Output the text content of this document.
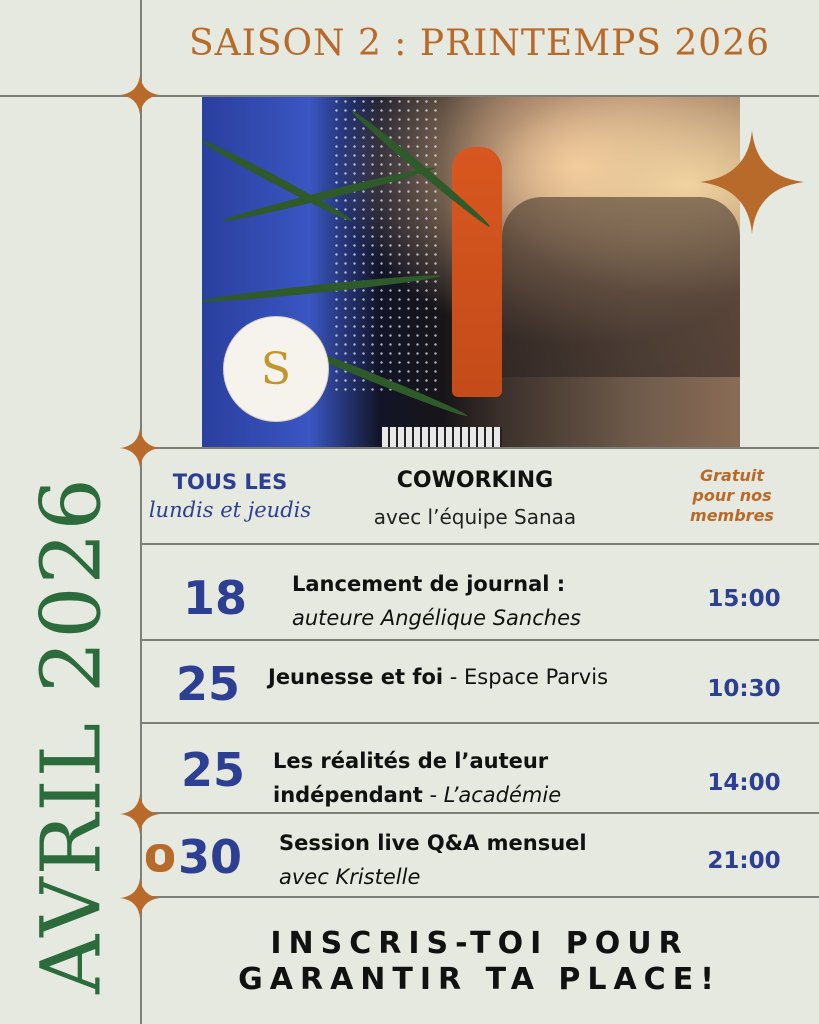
SAISON 2 : PRINTEMPS 2026
AVRIL 2026
S
TOUS LES
lundis et jeudis
COWORKING
avec l’équipe Sanaa
Gratuit
pour nos
membres
18 Lancement de journal :
auteure Angélique Sanches
15:00
25 Jeunesse et foi - Espace Parvis	10:30
25 Les réalités de l’auteur indépendant - L’académie	14:00
30 Session live Q&A mensuel
avec Kristelle
21:00
INSCRIS-TOI POUR
GARANTIR TA PLACE!
